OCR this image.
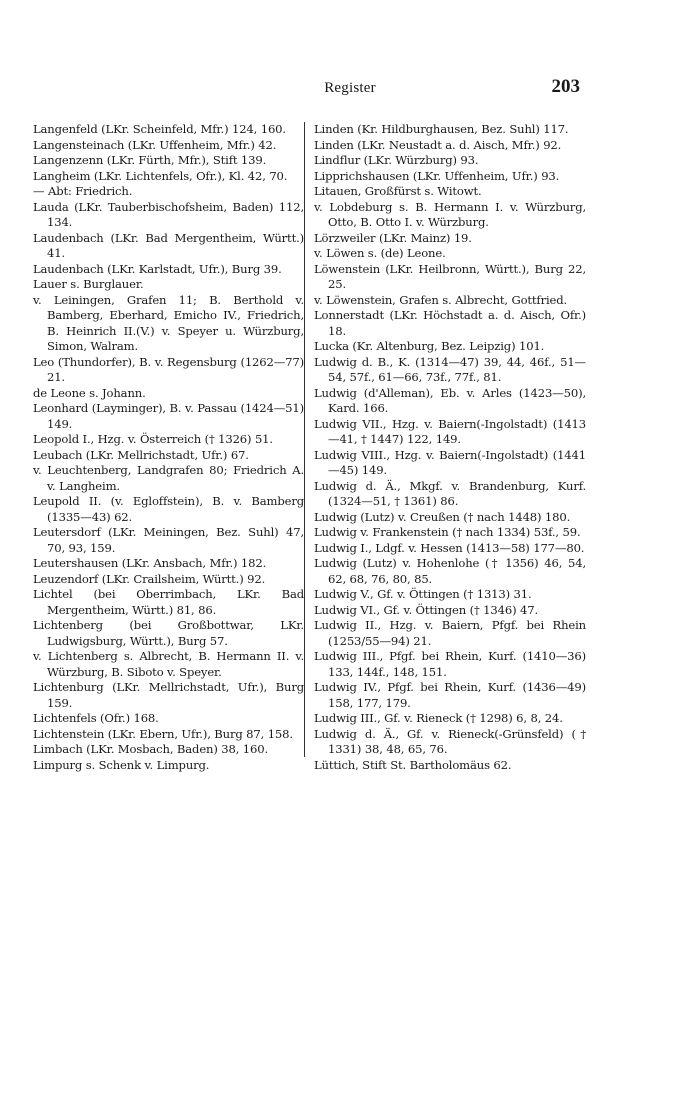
Register	203

Langenfeld (LKr. Scheinfeld, Mfr.) 124, 160.

Langensteinach (LKr. Uffenheim, Mfr.) 42.

Langenzenn (LKr. Fürth, Mfr.), Stift 139.

Langheim (LKr. Lichtenfels, Ofr.), Kl. 42, 70.

— Abt: Friedrich.

Lauda (LKr. Tauberbischofsheim, Baden) 112, 134.

Laudenbach (LKr. Bad Mergentheim, Württ.) 41.

Laudenbach (LKr. Karlstadt, Ufr.), Burg 39.

Lauer s. Burglauer.

v. Leiningen, Grafen 11; B. Berthold v. Bamberg, Eberhard, Emicho IV., Friedrich, B. Heinrich II.(V.) v. Speyer u. Würzburg, Simon, Walram.

Leo (Thundorfer), B. v. Regensburg (1262—77) 21.

de Leone s. Johann.

Leonhard (Layminger), B. v. Passau (1424—51) 149.

Leopold I., Hzg. v. Österreich († 1326) 51.

Leubach (LKr. Mellrichstadt, Ufr.) 67.

v. Leuchtenberg, Landgrafen 80; Friedrich A. v. Langheim.

Leupold II. (v. Egloffstein), B. v. Bamberg (1335—43) 62.

Leutersdorf (LKr. Meiningen, Bez. Suhl) 47, 70, 93, 159.

Leutershausen (LKr. Ansbach, Mfr.) 182.

Leuzendorf (LKr. Crailsheim, Württ.) 92.

Lichtel (bei Oberrimbach, LKr. Bad Mergentheim, Württ.) 81, 86.

Lichtenberg (bei Großbottwar, LKr. Ludwigsburg, Württ.), Burg 57.

v. Lichtenberg s. Albrecht, B. Hermann II. v. Würzburg, B. Siboto v. Speyer.

Lichtenburg (LKr. Mellrichstadt, Ufr.), Burg 159.

Lichtenfels (Ofr.) 168.

Lichtenstein (LKr. Ebern, Ufr.), Burg 87, 158.

Limbach (LKr. Mosbach, Baden) 38, 160.

Limpurg s. Schenk v. Limpurg.

Linden (Kr. Hildburghausen, Bez. Suhl) 117.

Linden (LKr. Neustadt a. d. Aisch, Mfr.) 92.

Lindflur (LKr. Würzburg) 93.

Lipprichshausen (LKr. Uffenheim, Ufr.) 93.

Litauen, Großfürst s. Witowt.

v. Lobdeburg s. B. Hermann I. v. Würzburg, Otto, B. Otto I. v. Würzburg.

Lörzweiler (LKr. Mainz) 19.

v. Löwen s. (de) Leone.

Löwenstein (LKr. Heilbronn, Württ.), Burg 22, 25.

v. Löwenstein, Grafen s. Albrecht, Gottfried.

Lonnerstadt (LKr. Höchstadt a. d. Aisch, Ofr.) 18.

Lucka (Kr. Altenburg, Bez. Leipzig) 101.

Ludwig d. B., K. (1314—47) 39, 44, 46f., 51—54, 57f., 61—66, 73f., 77f., 81.

Ludwig (d'Alleman), Eb. v. Arles (1423—50), Kard. 166.

Ludwig VII., Hzg. v. Baiern(-Ingolstadt) (1413—41, † 1447) 122, 149.

Ludwig VIII., Hzg. v. Baiern(-Ingolstadt) (1441—45) 149.

Ludwig d. Ä., Mkgf. v. Brandenburg, Kurf. (1324—51, † 1361) 86.

Ludwig (Lutz) v. Creußen († nach 1448) 180.

Ludwig v. Frankenstein († nach 1334) 53f., 59.

Ludwig I., Ldgf. v. Hessen (1413—58) 177—80.

Ludwig (Lutz) v. Hohenlohe († 1356) 46, 54, 62, 68, 76, 80, 85.

Ludwig V., Gf. v. Öttingen († 1313) 31.

Ludwig VI., Gf. v. Öttingen († 1346) 47.

Ludwig II., Hzg. v. Baiern, Pfgf. bei Rhein (1253/55—94) 21.

Ludwig III., Pfgf. bei Rhein, Kurf. (1410—36) 133, 144f., 148, 151.

Ludwig IV., Pfgf. bei Rhein, Kurf. (1436—49) 158, 177, 179.

Ludwig III., Gf. v. Rieneck († 1298) 6, 8, 24.

Ludwig d. Ä., Gf. v. Rieneck(-Grünsfeld) († 1331) 38, 48, 65, 76.

Lüttich, Stift St. Bartholomäus 62.
